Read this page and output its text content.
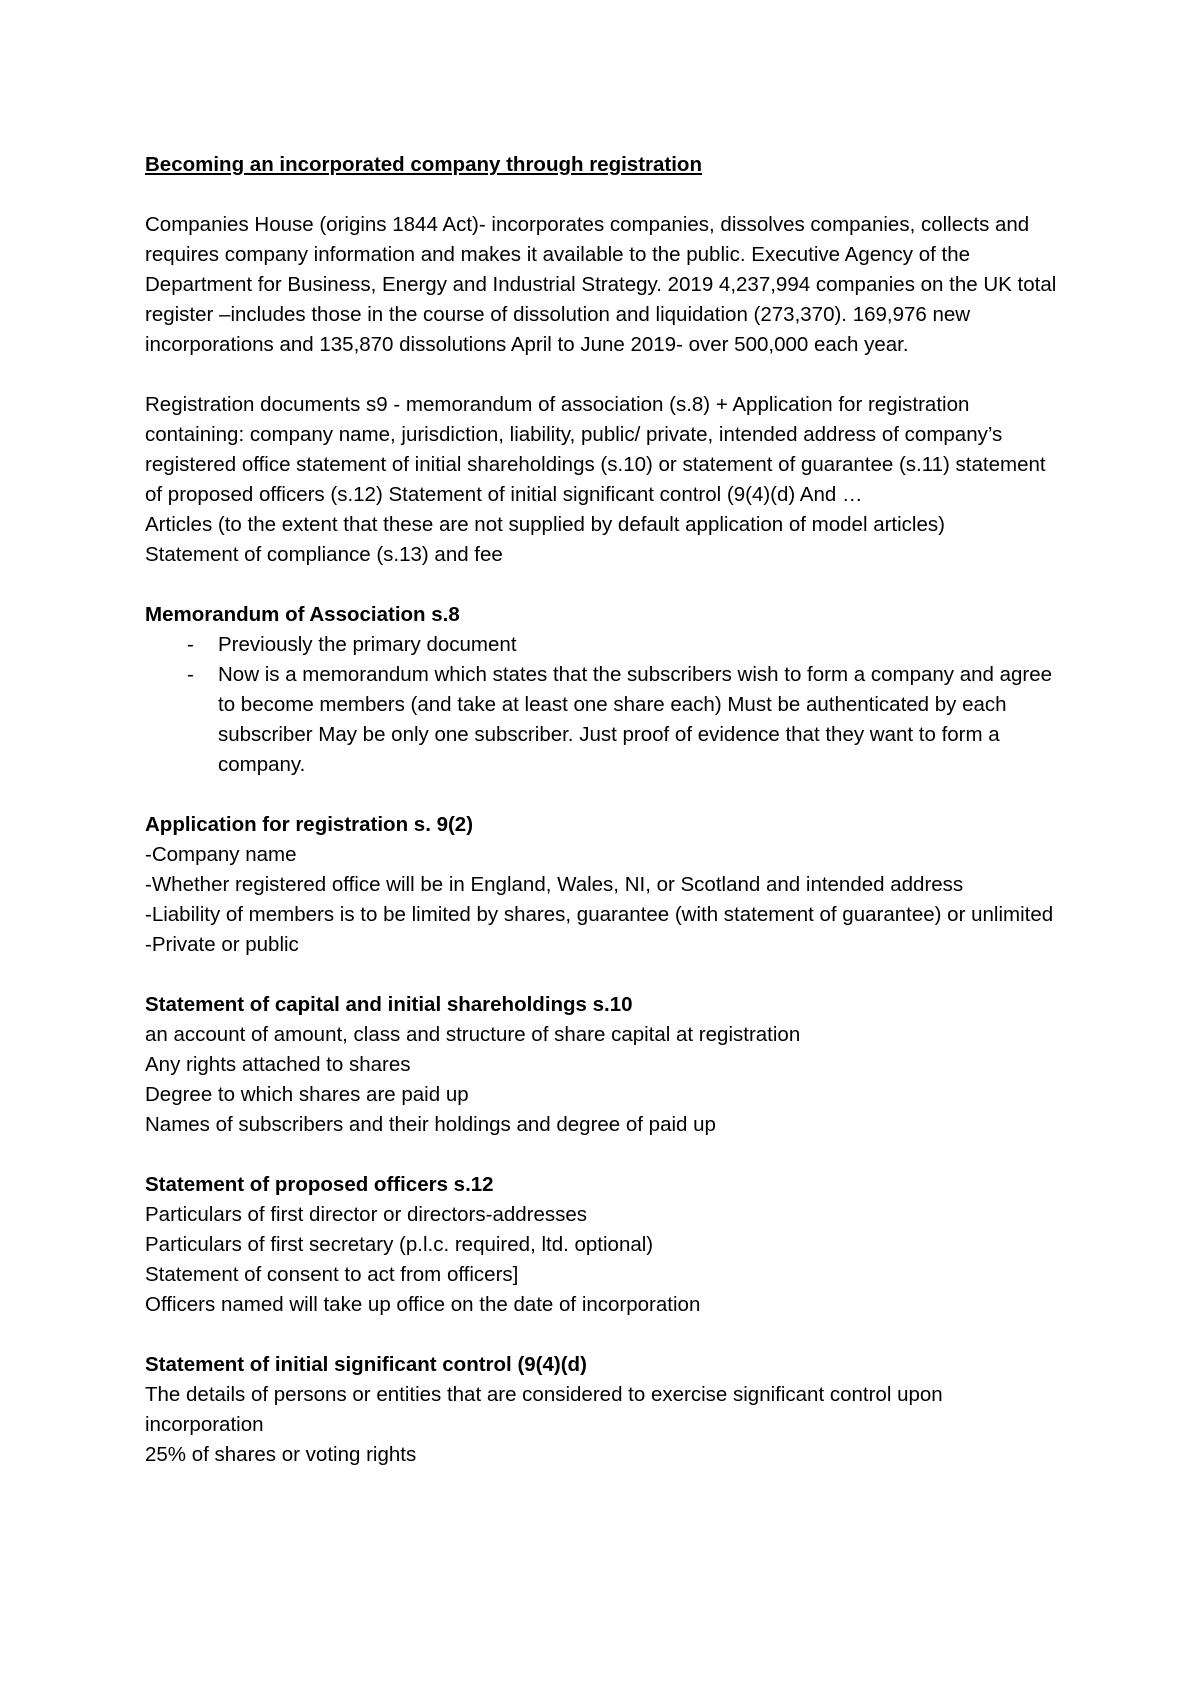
Becoming an incorporated company through registration

Companies House (origins 1844 Act)- incorporates companies, dissolves companies, collects and requires company information and makes it available to the public. Executive Agency of the Department for Business, Energy and Industrial Strategy. 2019 4,237,994 companies on the UK total register –includes those in the course of dissolution and liquidation (273,370). 169,976 new incorporations and 135,870 dissolutions April to June 2019- over 500,000 each year.

Registration documents s9 - memorandum of association (s.8) + Application for registration containing: company name, jurisdiction, liability, public/ private, intended address of company’s registered office statement of initial shareholdings (s.10) or statement of guarantee (s.11) statement of proposed officers (s.12) Statement of initial significant control (9(4)(d) And …

Articles (to the extent that these are not supplied by default application of model articles)

Statement of compliance (s.13) and fee

Memorandum of Association s.8

- Previously the primary document
- Now is a memorandum which states that the subscribers wish to form a company and agree to become members (and take at least one share each) Must be authenticated by each subscriber May be only one subscriber. Just proof of evidence that they want to form a company.

Application for registration s. 9(2)

-Company name

-Whether registered office will be in England, Wales, NI, or Scotland and intended address

-Liability of members is to be limited by shares, guarantee (with statement of guarantee) or unlimited

-Private or public

Statement of capital and initial shareholdings s.10

an account of amount, class and structure of share capital at registration

Any rights attached to shares

Degree to which shares are paid up

Names of subscribers and their holdings and degree of paid up

Statement of proposed officers s.12

Particulars of first director or directors-addresses

Particulars of first secretary (p.l.c. required, ltd. optional)

Statement of consent to act from officers]

Officers named will take up office on the date of incorporation

Statement of initial significant control (9(4)(d)

The details of persons or entities that are considered to exercise significant control upon incorporation

25% of shares or voting rights
